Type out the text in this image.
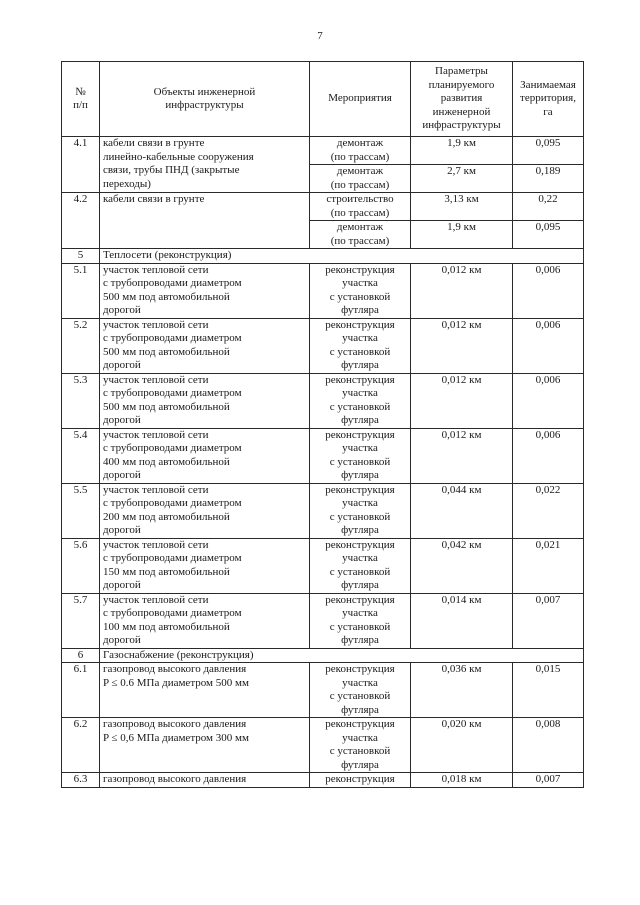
7
№
п/п	Объекты инженерной
инфраструктуры	Мероприятия	Параметры
планируемого
развития
инженерной
инфраструктуры	Занимаемая
территория,
га
4.1	кабели связи в грунте
линейно-кабельные сооружения
связи, трубы ПНД (закрытые
переходы)	демонтаж
(по трассам)	1,9 км	0,095
		демонтаж
(по трассам)	2,7 км	0,189
4.2	кабели связи в грунте	строительство
(по трассам)	3,13 км	0,22
		демонтаж
(по трассам)	1,9 км	0,095
5	Теплосети (реконструкция)			
5.1	участок тепловой сети
с трубопроводами диаметром
500 мм под автомобильной
дорогой	реконструкция
участка
с установкой
футляра	0,012 км	0,006
5.2	участок тепловой сети
с трубопроводами диаметром
500 мм под автомобильной
дорогой	реконструкция
участка
с установкой
футляра	0,012 км	0,006
5.3	участок тепловой сети
с трубопроводами диаметром
500 мм под автомобильной
дорогой	реконструкция
участка
с установкой
футляра	0,012 км	0,006
5.4	участок тепловой сети
с трубопроводами диаметром
400 мм под автомобильной
дорогой	реконструкция
участка
с установкой
футляра	0,012 км	0,006
5.5	участок тепловой сети
с трубопроводами диаметром
200 мм под автомобильной
дорогой	реконструкция
участка
с установкой
футляра	0,044 км	0,022
5.6	участок тепловой сети
с трубопроводами диаметром
150 мм под автомобильной
дорогой	реконструкция
участка
с установкой
футляра	0,042 км	0,021
5.7	участок тепловой сети
с трубопроводами диаметром
100 мм под автомобильной
дорогой	реконструкция
участка
с установкой
футляра	0,014 км	0,007
6	Газоснабжение (реконструкция)			
6.1	газопровод высокого давления
P ≤ 0.6 МПа диаметром 500 мм	реконструкция
участка
с установкой
футляра	0,036 км	0,015
6.2	газопровод высокого давления
P ≤ 0,6 МПа диаметром 300 мм	реконструкция
участка
с установкой
футляра	0,020 км	0,008
6.3	газопровод высокого давления	реконструкция	0,018 км	0,007
